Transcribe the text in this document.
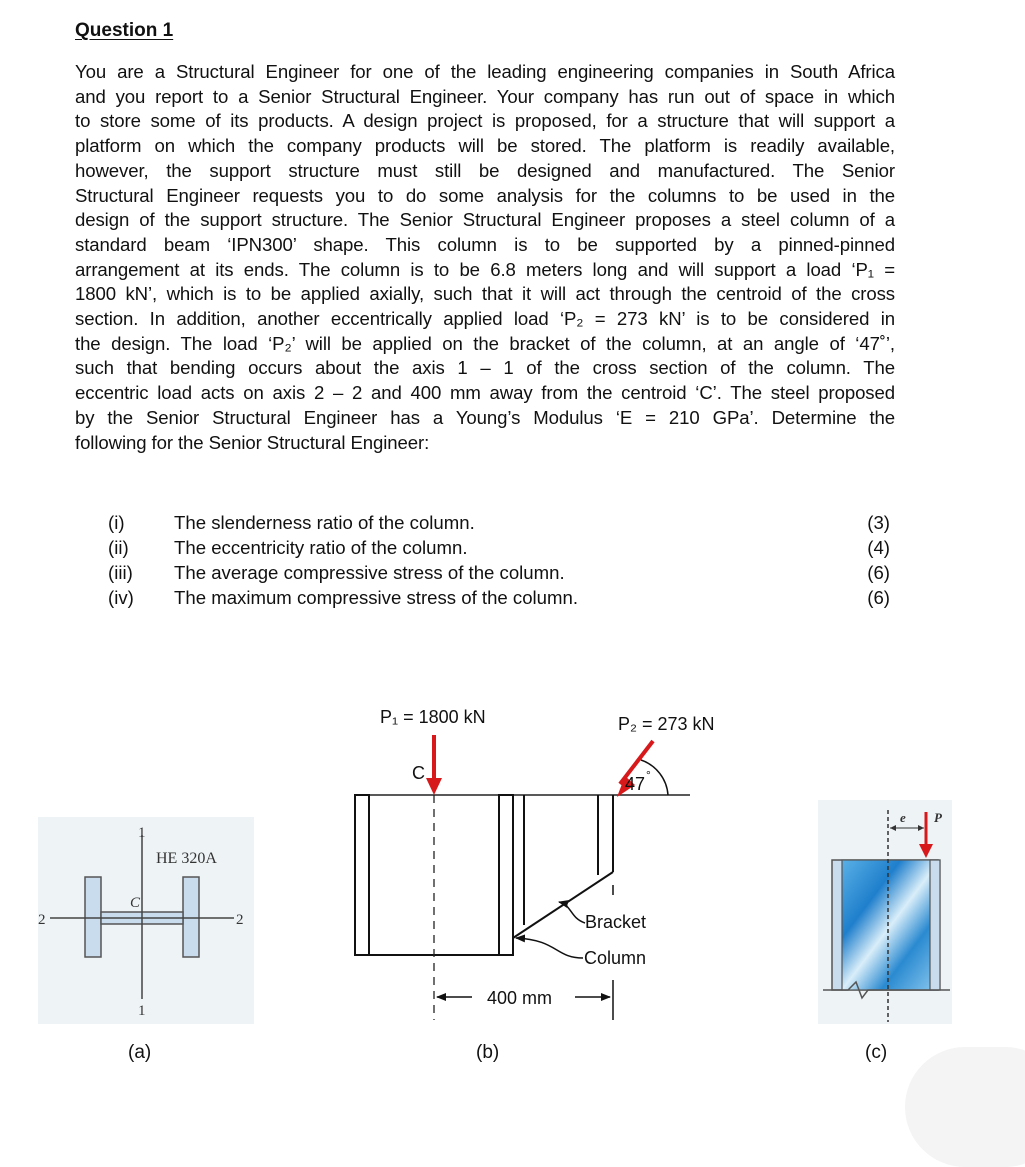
Question 1
You are a Structural Engineer for one of the leading engineering companies in South Africa
and you report to a Senior Structural Engineer. Your company has run out of space in which
to store some of its products. A design project is proposed, for a structure that will support a
platform on which the company products will be stored. The platform is readily available,
however, the support structure must still be designed and manufactured. The Senior
Structural Engineer requests you to do some analysis for the columns to be used in the
design of the support structure. The Senior Structural Engineer proposes a steel column of a
standard beam ‘IPN300’ shape. This column is to be supported by a pinned-pinned
arrangement at its ends. The column is to be 6.8 meters long and will support a load ‘P₁ =
1800 kN’, which is to be applied axially, such that it will act through the centroid of the cross
section. In addition, another eccentrically applied load ‘P₂ = 273 kN’ is to be considered in
the design. The load ‘P₂’ will be applied on the bracket of the column, at an angle of ‘47˚’,
such that bending occurs about the axis 1 – 1 of the cross section of the column. The
eccentric load acts on axis 2 – 2 and 400 mm away from the centroid ‘C’. The steel proposed
by the Senior Structural Engineer has a Young’s Modulus ‘E = 210 GPa’. Determine the
following for the Senior Structural Engineer:
(i)	The slenderness ratio of the column.	(3)
(ii)	The eccentricity ratio of the column.	(4)
(iii)	The average compressive stress of the column.	(6)
(iv)	The maximum compressive stress of the column.	(6)
1
1
2	2
HE 320A
C
(a)
400 mm
P₁ = 1800 kN
C
P₂ = 273 kN
47 °
Bracket
Column
(b)
e P
(c)
